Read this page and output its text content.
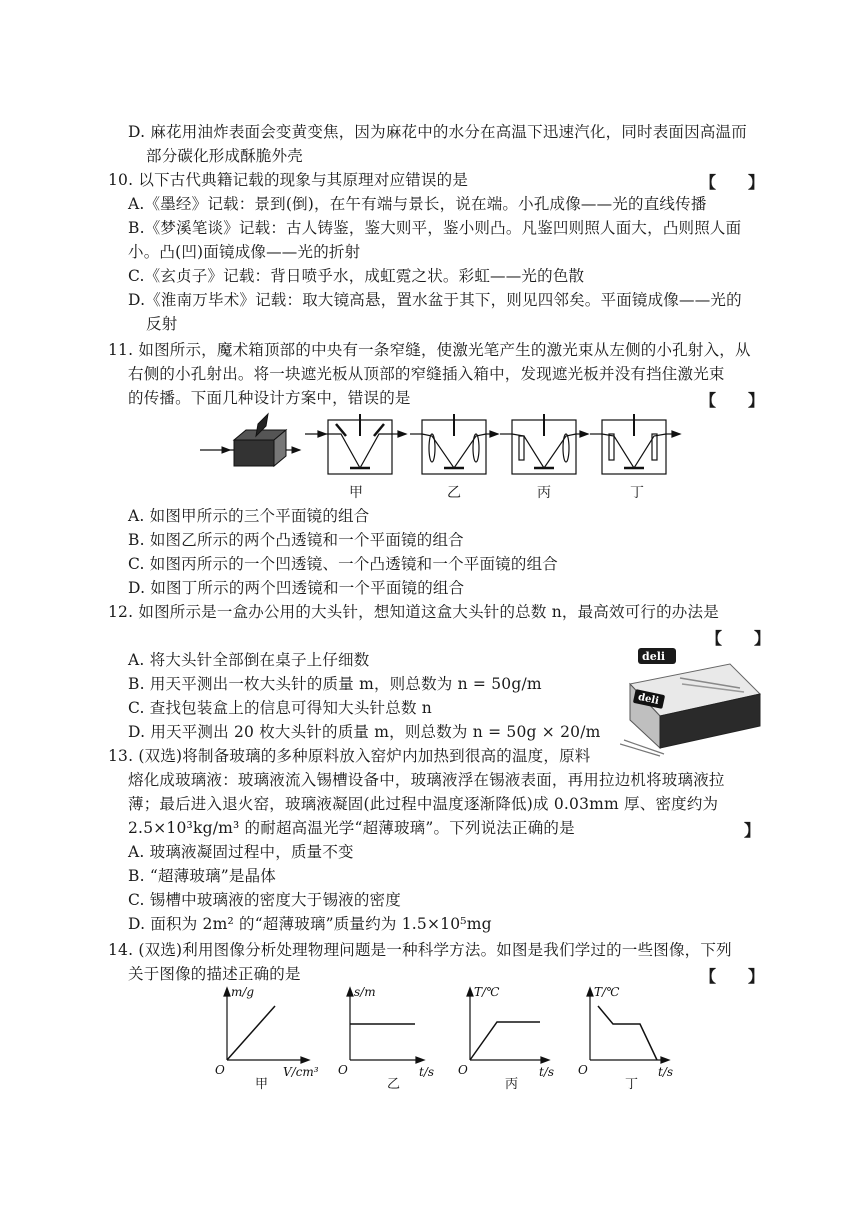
D. 麻花用油炸表面会变黄变焦，因为麻花中的水分在高温下迅速汽化，同时表面因高温而
部分碳化形成酥脆外壳
10. 以下古代典籍记载的现象与其原理对应错误的是	【　　】
A.《墨经》记载：景到(倒)，在午有端与景长，说在端。小孔成像——光的直线传播
B.《梦溪笔谈》记载：古人铸鉴，鉴大则平，鉴小则凸。凡鉴凹则照人面大，凸则照人面
小。凸(凹)面镜成像——光的折射
C.《玄贞子》记载：背日喷乎水，成虹霓之状。彩虹——光的色散
D.《淮南万毕术》记载：取大镜高悬，置水盆于其下，则见四邻矣。平面镜成像——光的
反射
11. 如图所示，魔术箱顶部的中央有一条窄缝，使激光笔产生的激光束从左侧的小孔射入，从
右侧的小孔射出。将一块遮光板从顶部的窄缝插入箱中，发现遮光板并没有挡住激光束
的传播。下面几种设计方案中，错误的是	【　　】
甲	乙	丙	丁
A. 如图甲所示的三个平面镜的组合
B. 如图乙所示的两个凸透镜和一个平面镜的组合
C. 如图丙所示的一个凹透镜、一个凸透镜和一个平面镜的组合
D. 如图丁所示的两个凹透镜和一个平面镜的组合
12. 如图所示是一盒办公用的大头针，想知道这盒大头针的总数 n，最高效可行的办法是
【　　】
A. 将大头针全部倒在桌子上仔细数
B. 用天平测出一枚大头针的质量 m，则总数为 n = 50g/m
C. 查找包装盒上的信息可得知大头针总数 n
D. 用天平测出 20 枚大头针的质量 m，则总数为 n = 50g × 20/m
deli
deli
13. (双选)将制备玻璃的多种原料放入窑炉内加热到很高的温度，原料
熔化成玻璃液：玻璃液流入锡槽设备中，玻璃液浮在锡液表面，再用拉边机将玻璃液拉
薄；最后进入退火窑，玻璃液凝固(此过程中温度逐渐降低)成 0.03mm 厚、密度约为
2.5×10³kg/m³ 的耐超高温光学“超薄玻璃”。下列说法正确的是	】
A. 玻璃液凝固过程中，质量不变
B. “超薄玻璃”是晶体
C. 锡槽中玻璃液的密度大于锡液的密度
D. 面积为 2m² 的“超薄玻璃”质量约为 1.5×10⁵mg
14. (双选)利用图像分析处理物理问题是一种科学方法。如图是我们学过的一些图像，下列
关于图像的描述正确的是	【　　】
m/g
V/cm³
O
s/m
t/s
O
T/℃
t/s
O
T/℃
t/s
O
甲	乙	丙	丁
